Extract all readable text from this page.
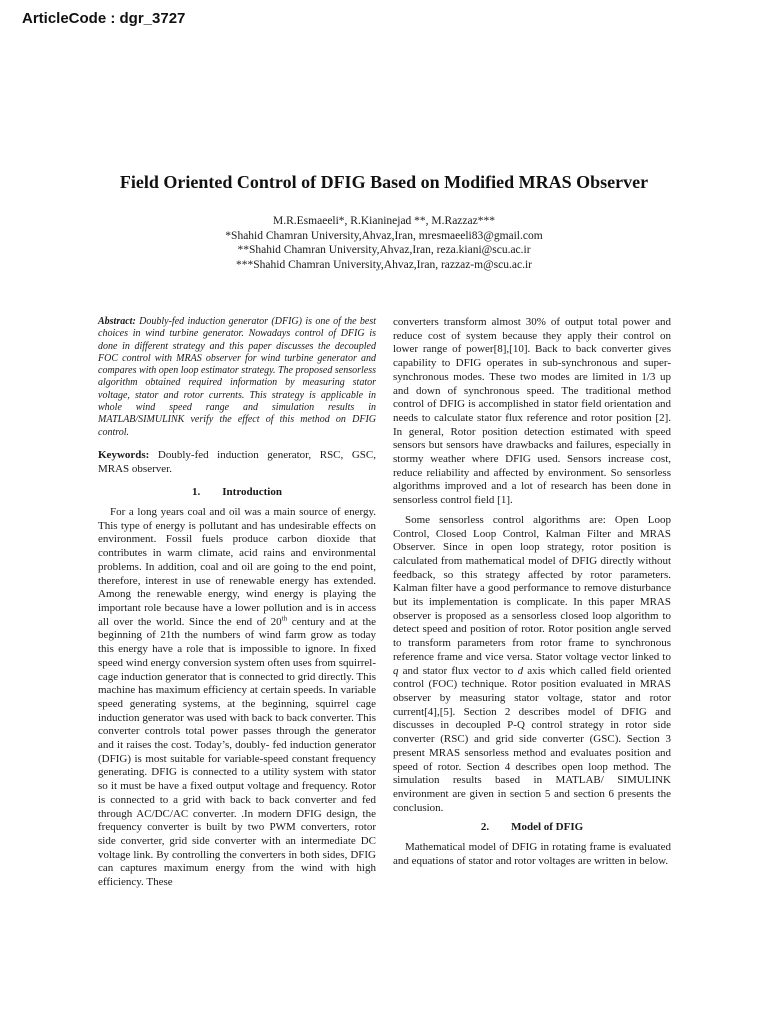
ArticleCode : dgr_3727
Field Oriented Control of DFIG Based on Modified MRAS Observer
M.R.Esmaeeli*, R.Kianinejad **, M.Razzaz***
*Shahid Chamran University,Ahvaz,Iran, mresmaeeli83@gmail.com
**Shahid Chamran University,Ahvaz,Iran, reza.kiani@scu.ac.ir
***Shahid Chamran University,Ahvaz,Iran, razzaz-m@scu.ac.ir

Abstract: Doubly-fed induction generator (DFIG) is one of the best choices in wind turbine generator. Nowadays control of DFIG is done in different strategy and this paper discusses the decoupled FOC control with MRAS observer for wind turbine generator and compares with open loop estimator strategy. The proposed sensorless algorithm obtained required information by measuring stator voltage, stator and rotor currents. This strategy is applicable in whole wind speed range and simulation results in MATLAB/SIMULINK verify the effect of this method on DFIG control.

Keywords: Doubly-fed induction generator, RSC, GSC, MRAS observer.

1. Introduction

For a long years coal and oil was a main source of energy. This type of energy is pollutant and has undesirable effects on environment. Fossil fuels produce carbon dioxide that contributes in warm climate, acid rains and environmental problems. In addition, coal and oil are going to the end point, therefore, interest in use of renewable energy has extended. Among the renewable energy, wind energy is playing the important role because have a lower pollution and is in access all over the world. Since the end of 20th century and at the beginning of 21th the numbers of wind farm grow as today this energy have a role that is impossible to ignore. In fixed speed wind energy conversion system often uses from squirrel-cage induction generator that is connected to grid directly. This machine has maximum efficiency at certain speeds. In variable speed generating systems, at the beginning, squirrel cage induction generator was used with back to back converter. This converter controls total power passes through the generator and it raises the cost. Today’s, doubly- fed induction generator (DFIG) is most suitable for variable-speed constant frequency generating. DFIG is connected to a utility system with stator so it must be have a fixed output voltage and frequency. Rotor is connected to a grid with back to back converter and fed through AC/DC/AC converter. .In modern DFIG design, the frequency converter is built by two PWM converters, rotor side converter, grid side converter with an intermediate DC voltage link. By controlling the converters in both sides, DFIG can captures maximum energy from the wind with high efficiency. These

converters transform almost 30% of output total power and reduce cost of system because they apply their control on lower range of power[8],[10]. Back to back converter gives capability to DFIG operates in sub-synchronous and super-synchronous modes. These two modes are limited in 1/3 up and down of synchronous speed. The traditional method control of DFIG is accomplished in stator field orientation and needs to calculate stator flux reference and rotor position [2]. In general, Rotor position detection estimated with speed sensors but sensors have drawbacks and failures, especially in stormy weather where DFIG used. Sensors increase cost, reduce reliability and affected by environment. So sensorless algorithms improved and a lot of research has been done in sensorless control field [1].

Some sensorless control algorithms are: Open Loop Control, Closed Loop Control, Kalman Filter and MRAS Observer. Since in open loop strategy, rotor position is calculated from mathematical model of DFIG directly without feedback, so this strategy affected by rotor parameters. Kalman filter have a good performance to remove disturbance but its implementation is complicate. In this paper MRAS observer is proposed as a sensorless closed loop algorithm to detect speed and position of rotor. Rotor position angle served to transform parameters from rotor frame to synchronous reference frame and vice versa. Stator voltage vector linked to q and stator flux vector to d axis which called field oriented control (FOC) technique. Rotor position evaluated in MRAS observer by measuring stator voltage, stator and rotor current[4],[5]. Section 2 describes model of DFIG and discusses in decoupled P-Q control strategy in rotor side converter (RSC) and grid side converter (GSC). Section 3 present MRAS sensorless method and evaluates position and speed of rotor. Section 4 describes open loop method. The simulation results based in MATLAB/ SIMULINK environment are given in section 5 and section 6 presents the conclusion.

2. Model of DFIG

Mathematical model of DFIG in rotating frame is evaluated and equations of stator and rotor voltages are written in below.
